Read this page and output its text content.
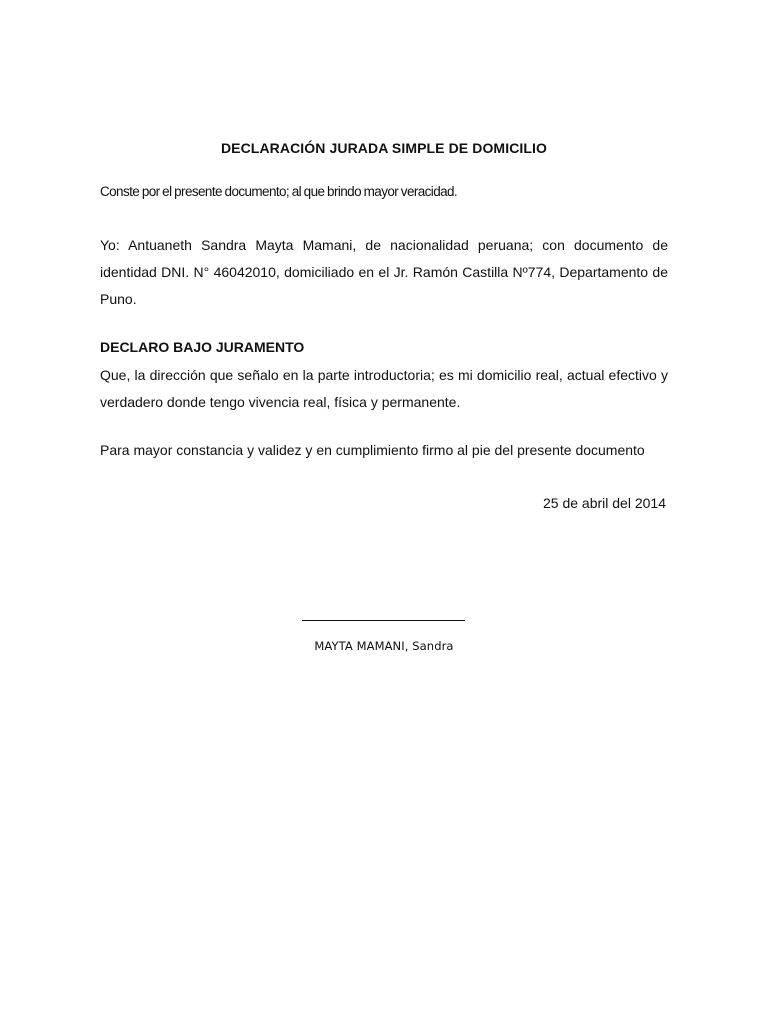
DECLARACIÓN JURADA SIMPLE DE DOMICILIO
Conste por el presente documento; al que brindo mayor veracidad.
Yo: Antuaneth Sandra Mayta Mamani, de nacionalidad peruana; con documento de identidad DNI. N° 46042010, domiciliado en el Jr. Ramón Castilla Nº774, Departamento de Puno.
DECLARO BAJO JURAMENTO
Que, la dirección que señalo en la parte introductoria; es mi domicilio real, actual efectivo y verdadero donde tengo vivencia real, física y permanente.
Para mayor constancia y validez y en cumplimiento firmo al pie del presente documento
25 de abril del 2014
MAYTA MAMANI, Sandra
